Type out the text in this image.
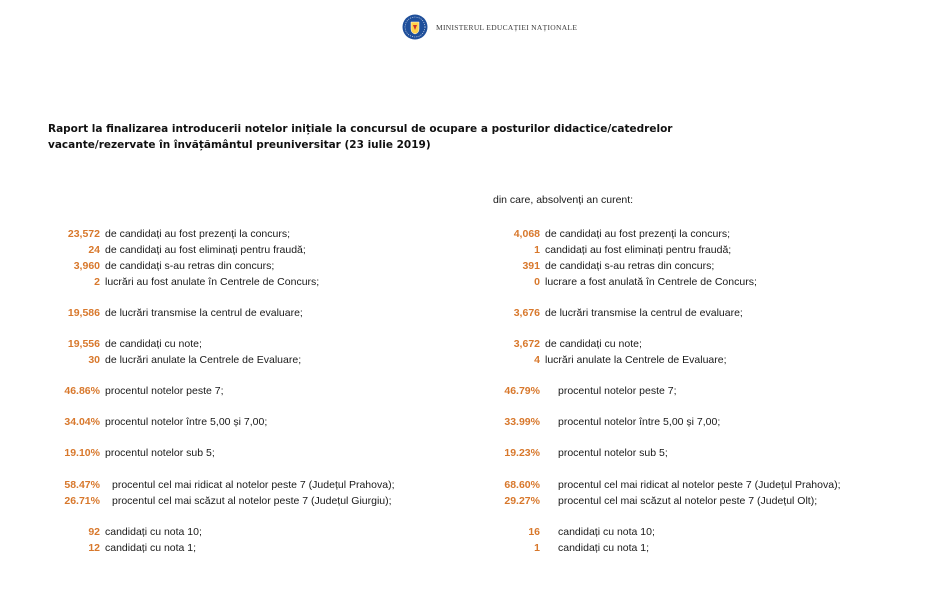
MINISTERUL EDUCAȚIEI NAȚIONALE
Raport la finalizarea introducerii notelor inițiale la concursul de ocupare a posturilor didactice/catedrelor vacante/rezervate în învățământul preuniversitar (23 iulie 2019)
din care, absolvenți an curent:
23,572 de candidați au fost prezenți la concurs;
24 de candidați au fost eliminați pentru fraudă;
3,960 de candidați s-au retras din concurs;
2 lucrări au fost anulate în Centrele de Concurs;
19,586 de lucrări transmise la centrul de evaluare;
19,556 de candidați cu note;
30 de lucrări anulate la Centrele de Evaluare;
46.86% procentul notelor peste 7;
34.04% procentul notelor între 5,00 și 7,00;
19.10% procentul notelor sub 5;
58.47% procentul cel mai ridicat al notelor peste 7 (Județul Prahova);
26.71% procentul cel mai scăzut al notelor peste 7 (Județul Giurgiu);
92 candidați cu nota 10;
12 candidați cu nota 1;
4,068 de candidați au fost prezenți la concurs;
1 candidați au fost eliminați pentru fraudă;
391 de candidați s-au retras din concurs;
0 lucrare a fost anulată în Centrele de Concurs;
3,676 de lucrări transmise la centrul de evaluare;
3,672 de candidați cu note;
4 lucrări anulate la Centrele de Evaluare;
46.79% procentul notelor peste 7;
33.99% procentul notelor între 5,00 și 7,00;
19.23% procentul notelor sub 5;
68.60% procentul cel mai ridicat al notelor peste 7 (Județul Prahova);
29.27% procentul cel mai scăzut al notelor peste 7 (Județul Olt);
16 candidați cu nota 10;
1 candidați cu nota 1;
